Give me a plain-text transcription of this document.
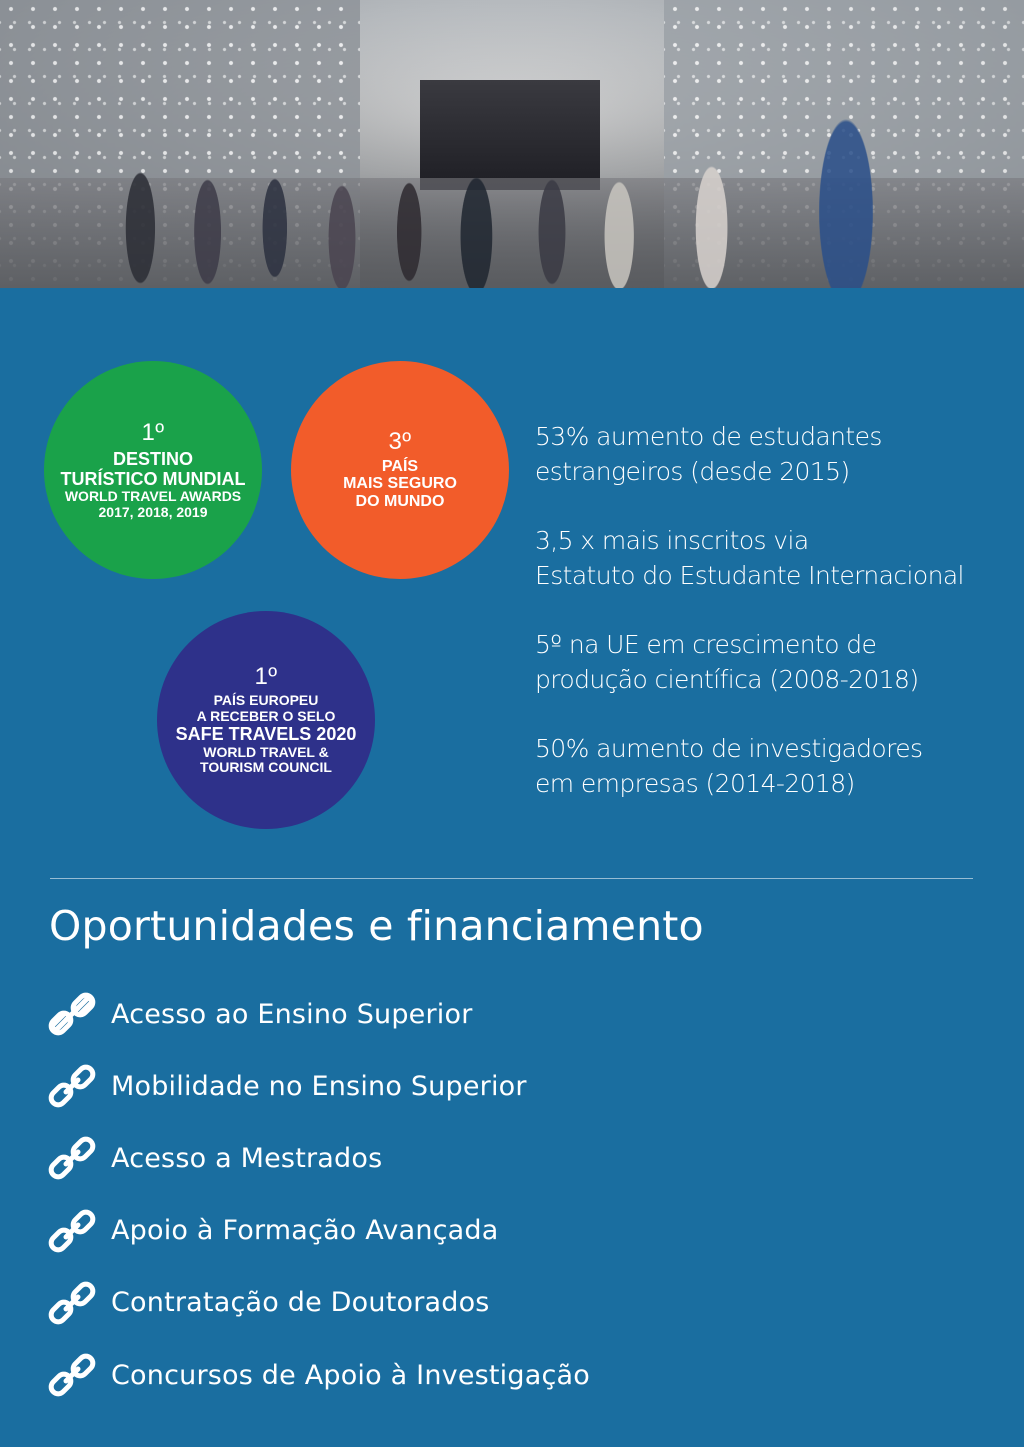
1º
DESTINO
TURÍSTICO MUNDIAL
WORLD TRAVEL AWARDS
2017, 2018, 2019
3º
PAÍS
MAIS SEGURO
DO MUNDO
1º
PAÍS EUROPEU
A RECEBER O SELO
SAFE TRAVELS 2020
WORLD TRAVEL &
TOURISM COUNCIL
53% aumento de estudantes
estrangeiros (desde 2015)
3,5 x mais inscritos via
Estatuto do Estudante Internacional
5º na UE em crescimento de
produção científica (2008-2018)
50% aumento de investigadores
em empresas (2014-2018)
Oportunidades e financiamento
Acesso ao Ensino Superior
Mobilidade no Ensino Superior
Acesso a Mestrados
Apoio à Formação Avançada
Contratação de Doutorados
Concursos de Apoio à Investigação
